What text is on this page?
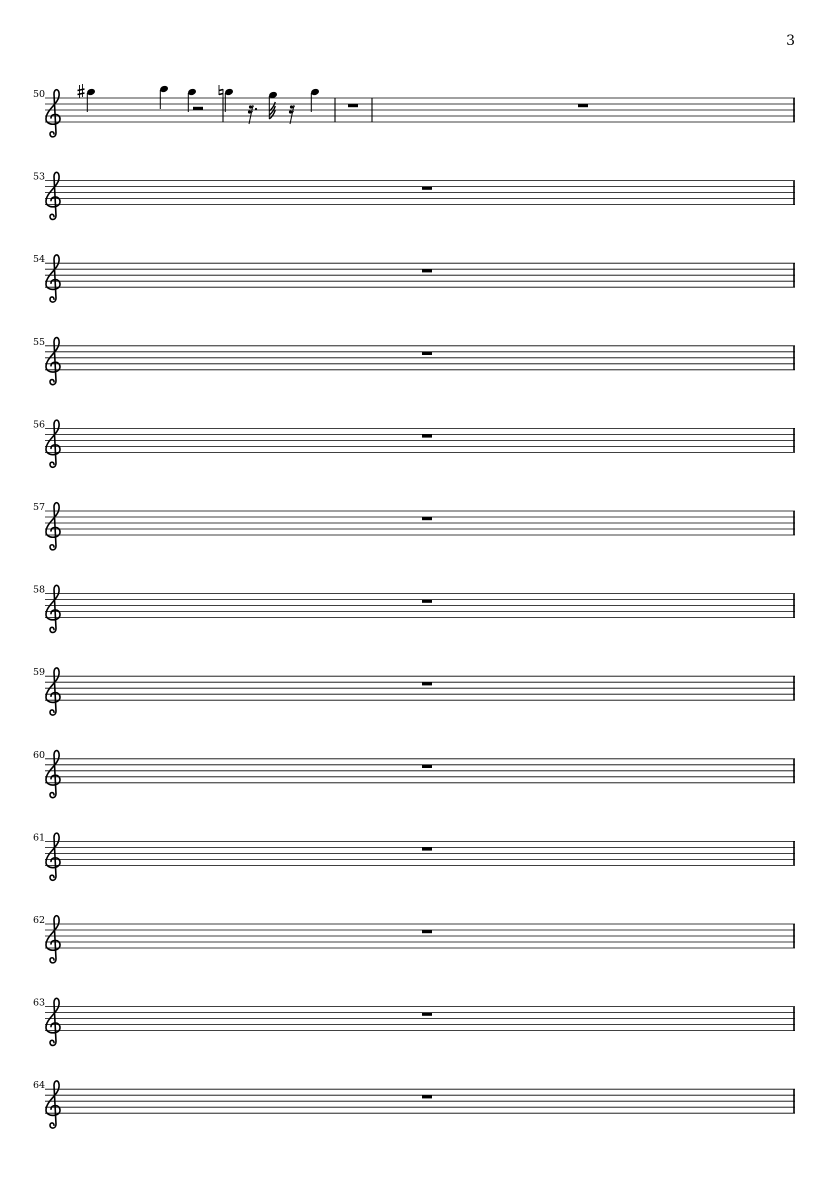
3
50
53
54
55
56
57
58
59
60
61
62
63
64
